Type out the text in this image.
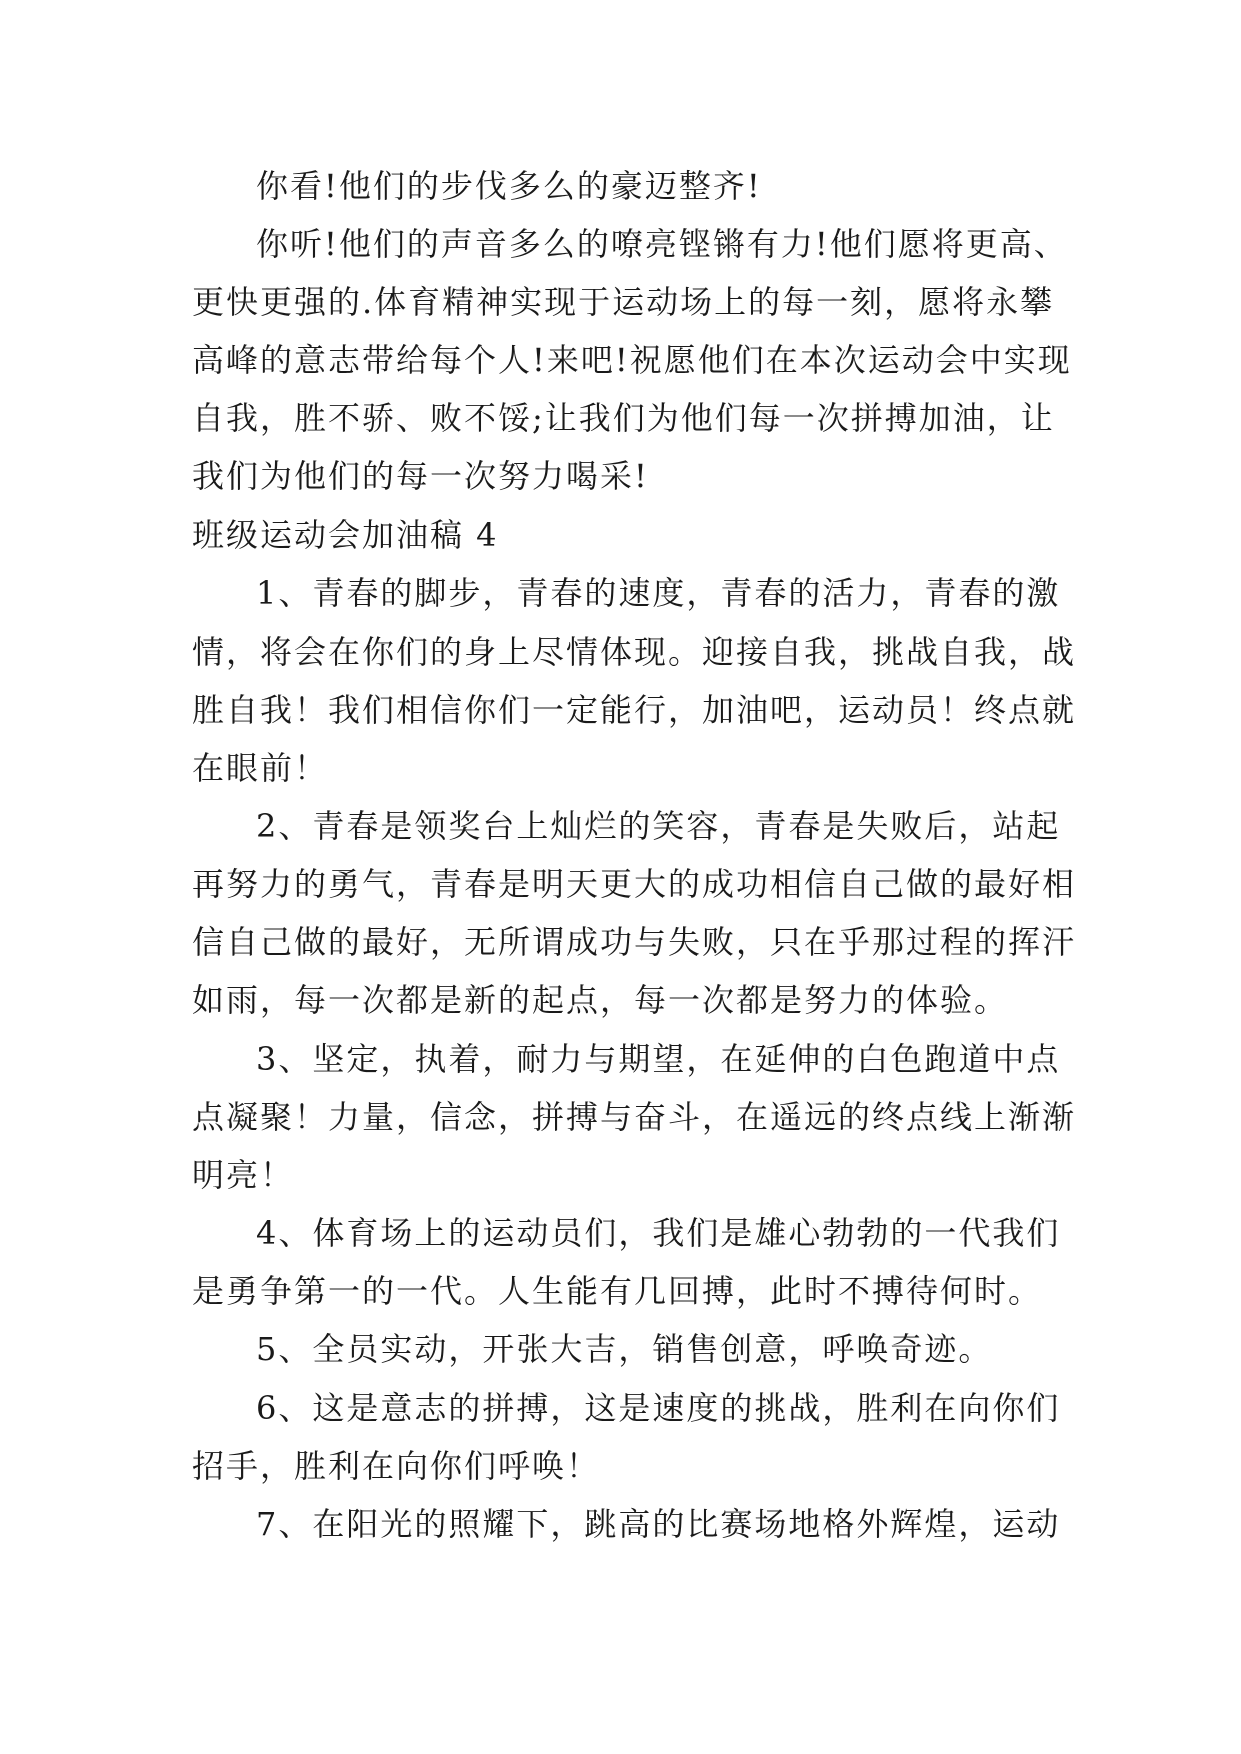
你看!他们的步伐多么的豪迈整齐!
你听!他们的声音多么的嘹亮铿锵有力!他们愿将更高、
更快更强的.体育精神实现于运动场上的每一刻，愿将永攀
高峰的意志带给每个人!来吧!祝愿他们在本次运动会中实现
自我，胜不骄、败不馁;让我们为他们每一次拼搏加油，让
我们为他们的每一次努力喝采!
班级运动会加油稿 4
1、青春的脚步，青春的速度，青春的活力，青春的激
情，将会在你们的身上尽情体现。迎接自我，挑战自我，战
胜自我！我们相信你们一定能行，加油吧，运动员！终点就
在眼前！
2、青春是领奖台上灿烂的笑容，青春是失败后，站起
再努力的勇气，青春是明天更大的成功相信自己做的最好相
信自己做的最好，无所谓成功与失败，只在乎那过程的挥汗
如雨，每一次都是新的起点，每一次都是努力的体验。
3、坚定，执着，耐力与期望，在延伸的白色跑道中点
点凝聚！力量，信念，拼搏与奋斗，在遥远的终点线上渐渐
明亮！
4、体育场上的运动员们，我们是雄心勃勃的一代我们
是勇争第一的一代。人生能有几回搏，此时不搏待何时。
5、全员实动，开张大吉，销售创意，呼唤奇迹。
6、这是意志的拼搏，这是速度的挑战，胜利在向你们
招手，胜利在向你们呼唤！
7、在阳光的照耀下，跳高的比赛场地格外辉煌，运动
